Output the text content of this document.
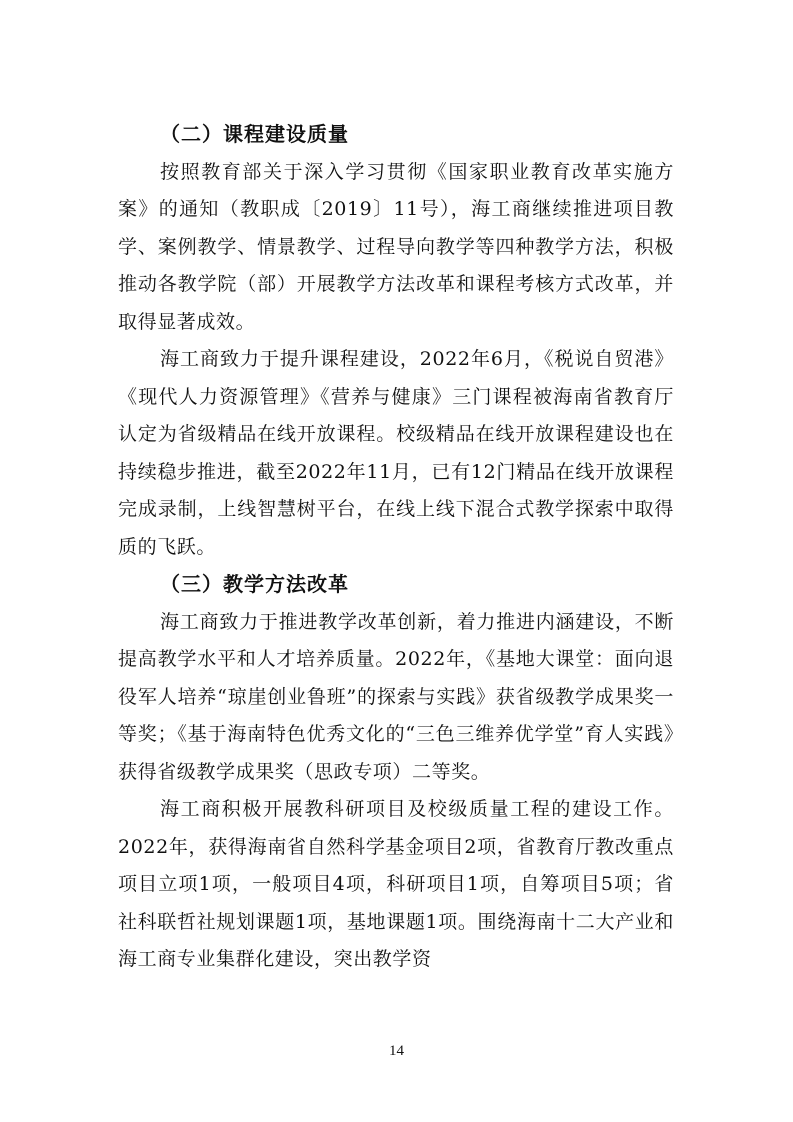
（二）课程建设质量

按照教育部关于深入学习贯彻《国家职业教育改革实施方案》的通知（教职成〔2019〕11号），海工商继续推进项目教学、案例教学、情景教学、过程导向教学等四种教学方法，积极推动各教学院（部）开展教学方法改革和课程考核方式改革，并取得显著成效。

海工商致力于提升课程建设，2022年6月，《税说自贸港》《现代人力资源管理》《营养与健康》三门课程被海南省教育厅认定为省级精品在线开放课程。校级精品在线开放课程建设也在持续稳步推进，截至2022年11月，已有12门精品在线开放课程完成录制，上线智慧树平台，在线上线下混合式教学探索中取得质的飞跃。

（三）教学方法改革

海工商致力于推进教学改革创新，着力推进内涵建设，不断提高教学水平和人才培养质量。2022年，《基地大课堂：面向退役军人培养“琼崖创业鲁班”的探索与实践》获省级教学成果奖一等奖；《基于海南特色优秀文化的“三色三维养优学堂”育人实践》获得省级教学成果奖（思政专项）二等奖。

海工商积极开展教科研项目及校级质量工程的建设工作。2022年，获得海南省自然科学基金项目2项，省教育厅教改重点项目立项1项，一般项目4项，科研项目1项，自筹项目5项；省社科联哲社规划课题1项，基地课题1项。围绕海南十二大产业和海工商专业集群化建设，突出教学资

14
